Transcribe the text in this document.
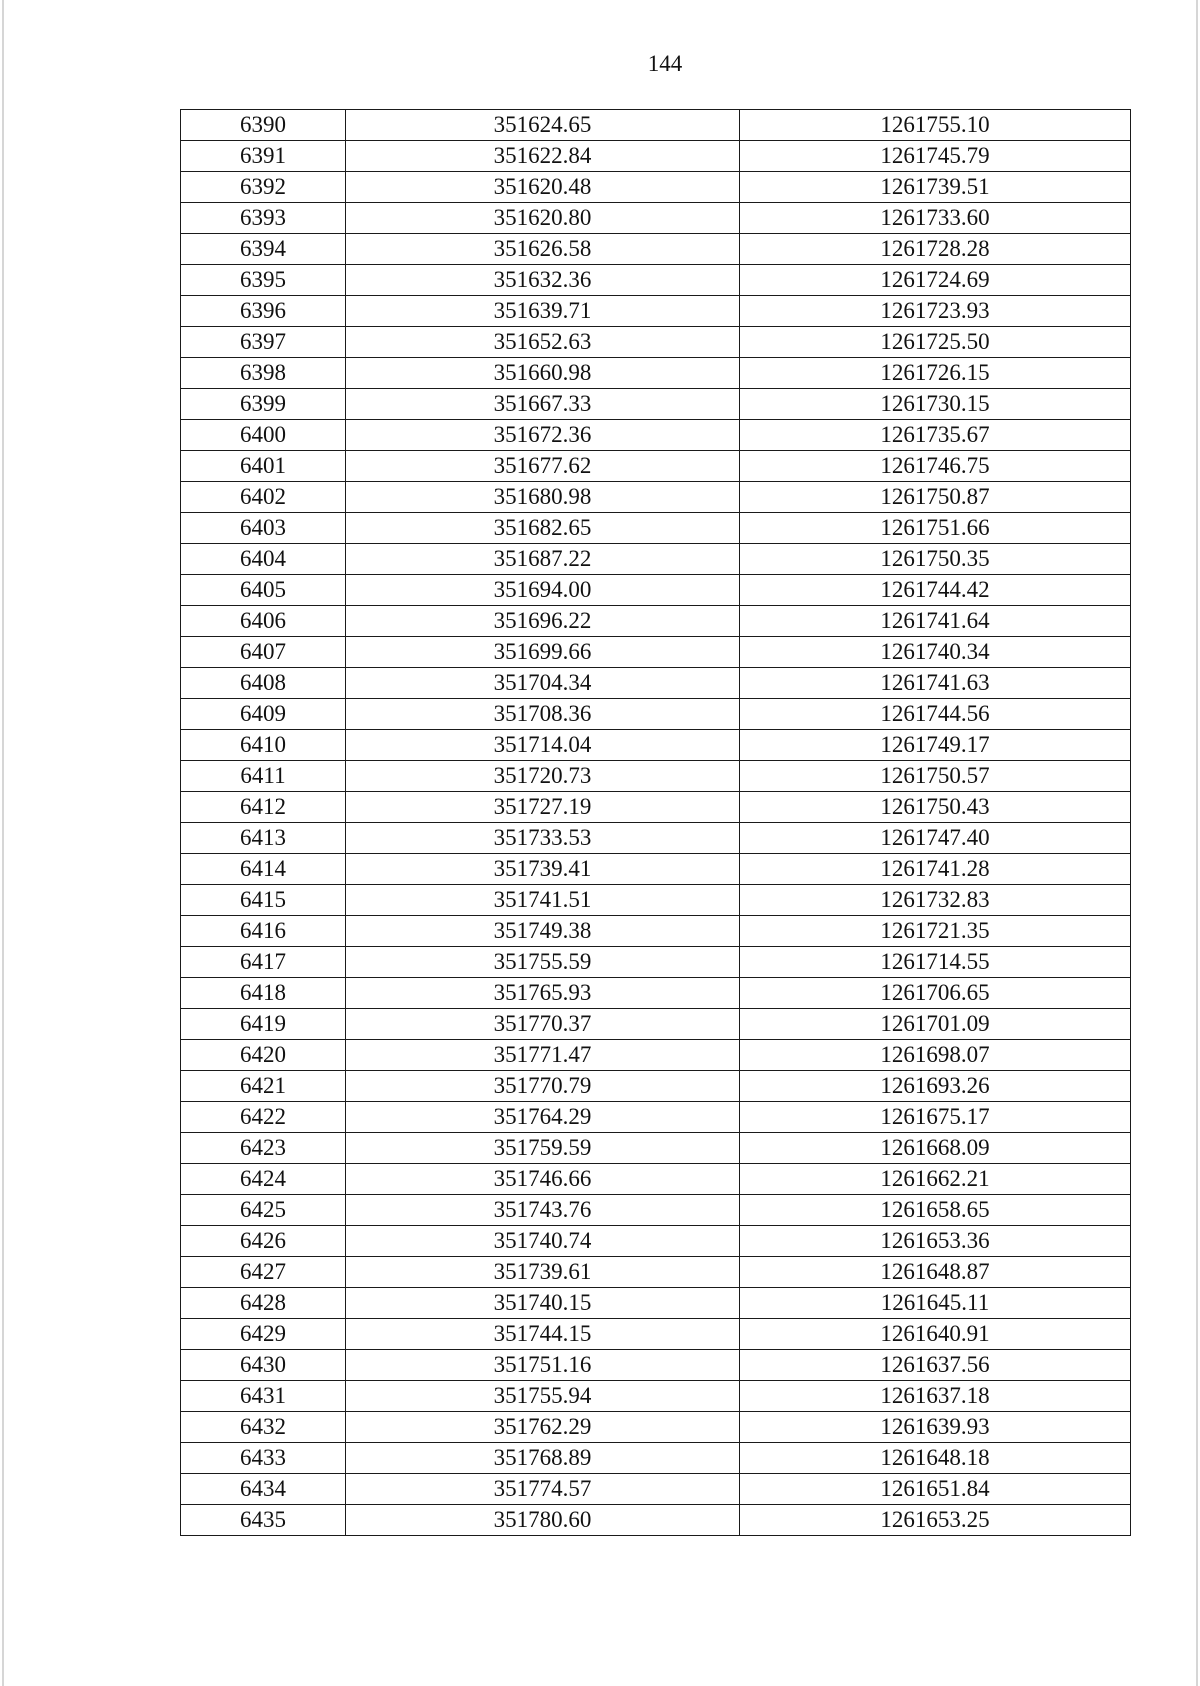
144
6390	351624.65	1261755.10
6391	351622.84	1261745.79
6392	351620.48	1261739.51
6393	351620.80	1261733.60
6394	351626.58	1261728.28
6395	351632.36	1261724.69
6396	351639.71	1261723.93
6397	351652.63	1261725.50
6398	351660.98	1261726.15
6399	351667.33	1261730.15
6400	351672.36	1261735.67
6401	351677.62	1261746.75
6402	351680.98	1261750.87
6403	351682.65	1261751.66
6404	351687.22	1261750.35
6405	351694.00	1261744.42
6406	351696.22	1261741.64
6407	351699.66	1261740.34
6408	351704.34	1261741.63
6409	351708.36	1261744.56
6410	351714.04	1261749.17
6411	351720.73	1261750.57
6412	351727.19	1261750.43
6413	351733.53	1261747.40
6414	351739.41	1261741.28
6415	351741.51	1261732.83
6416	351749.38	1261721.35
6417	351755.59	1261714.55
6418	351765.93	1261706.65
6419	351770.37	1261701.09
6420	351771.47	1261698.07
6421	351770.79	1261693.26
6422	351764.29	1261675.17
6423	351759.59	1261668.09
6424	351746.66	1261662.21
6425	351743.76	1261658.65
6426	351740.74	1261653.36
6427	351739.61	1261648.87
6428	351740.15	1261645.11
6429	351744.15	1261640.91
6430	351751.16	1261637.56
6431	351755.94	1261637.18
6432	351762.29	1261639.93
6433	351768.89	1261648.18
6434	351774.57	1261651.84
6435	351780.60	1261653.25
